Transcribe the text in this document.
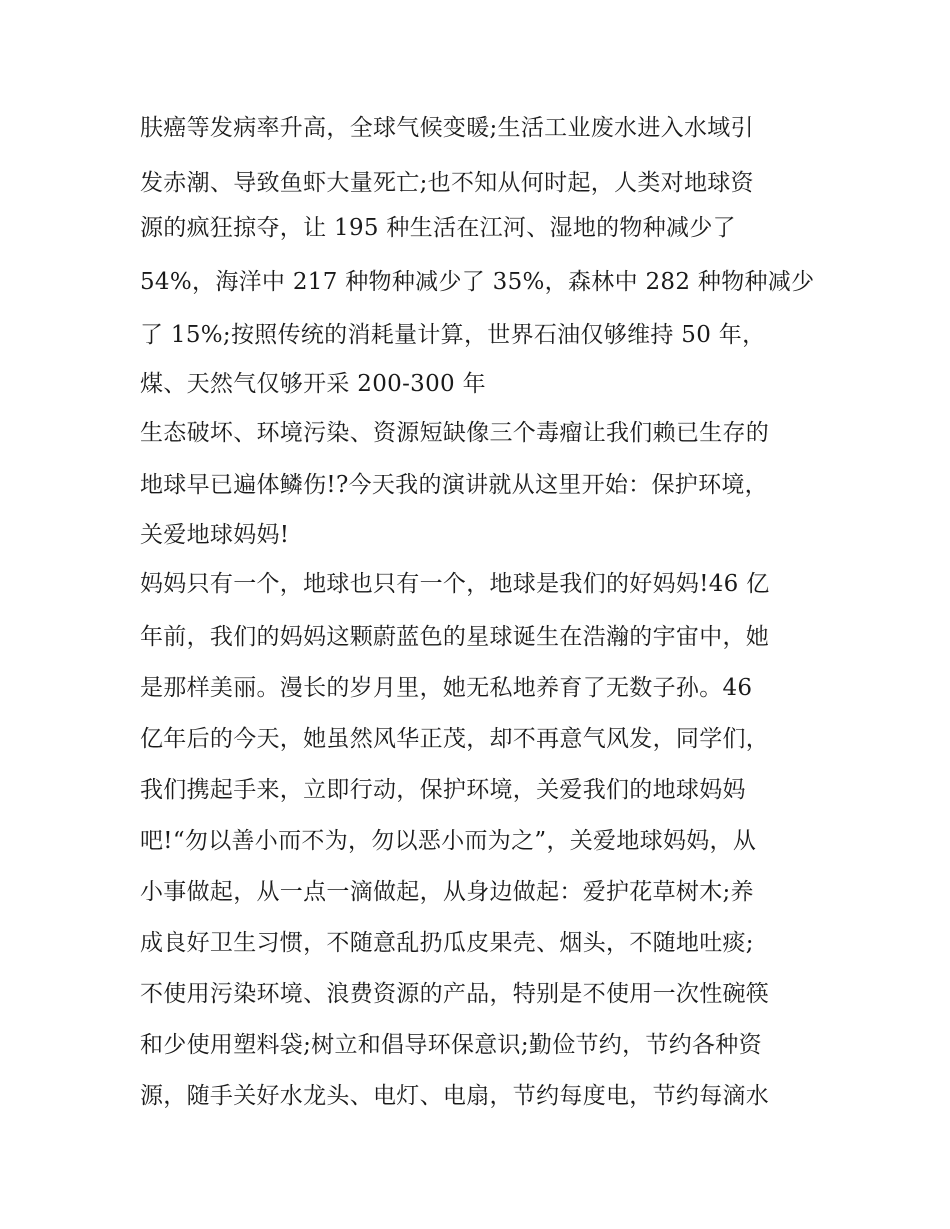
肤癌等发病率升高，全球气候变暖;生活工业废水进入水域引
发赤潮、导致鱼虾大量死亡;也不知从何时起，人类对地球资
源的疯狂掠夺，让 195 种生活在江河、湿地的物种减少了
54%，海洋中 217 种物种减少了 35%，森林中 282 种物种减少
了 15%;按照传统的消耗量计算，世界石油仅够维持 50 年，
煤、天然气仅够开采 200-300 年
生态破坏、环境污染、资源短缺像三个毒瘤让我们赖已生存的
地球早已遍体鳞伤!?今天我的演讲就从这里开始：保护环境，
关爱地球妈妈!
妈妈只有一个，地球也只有一个，地球是我们的好妈妈!46 亿
年前，我们的妈妈这颗蔚蓝色的星球诞生在浩瀚的宇宙中，她
是那样美丽。漫长的岁月里，她无私地养育了无数子孙。46
亿年后的今天，她虽然风华正茂，却不再意气风发，同学们，
我们携起手来，立即行动，保护环境，关爱我们的地球妈妈
吧!“勿以善小而不为，勿以恶小而为之”，关爱地球妈妈，从
小事做起，从一点一滴做起，从身边做起：爱护花草树木;养
成良好卫生习惯，不随意乱扔瓜皮果壳、烟头，不随地吐痰;
不使用污染环境、浪费资源的产品，特别是不使用一次性碗筷
和少使用塑料袋;树立和倡导环保意识;勤俭节约，节约各种资
源，随手关好水龙头、电灯、电扇，节约每度电，节约每滴水
